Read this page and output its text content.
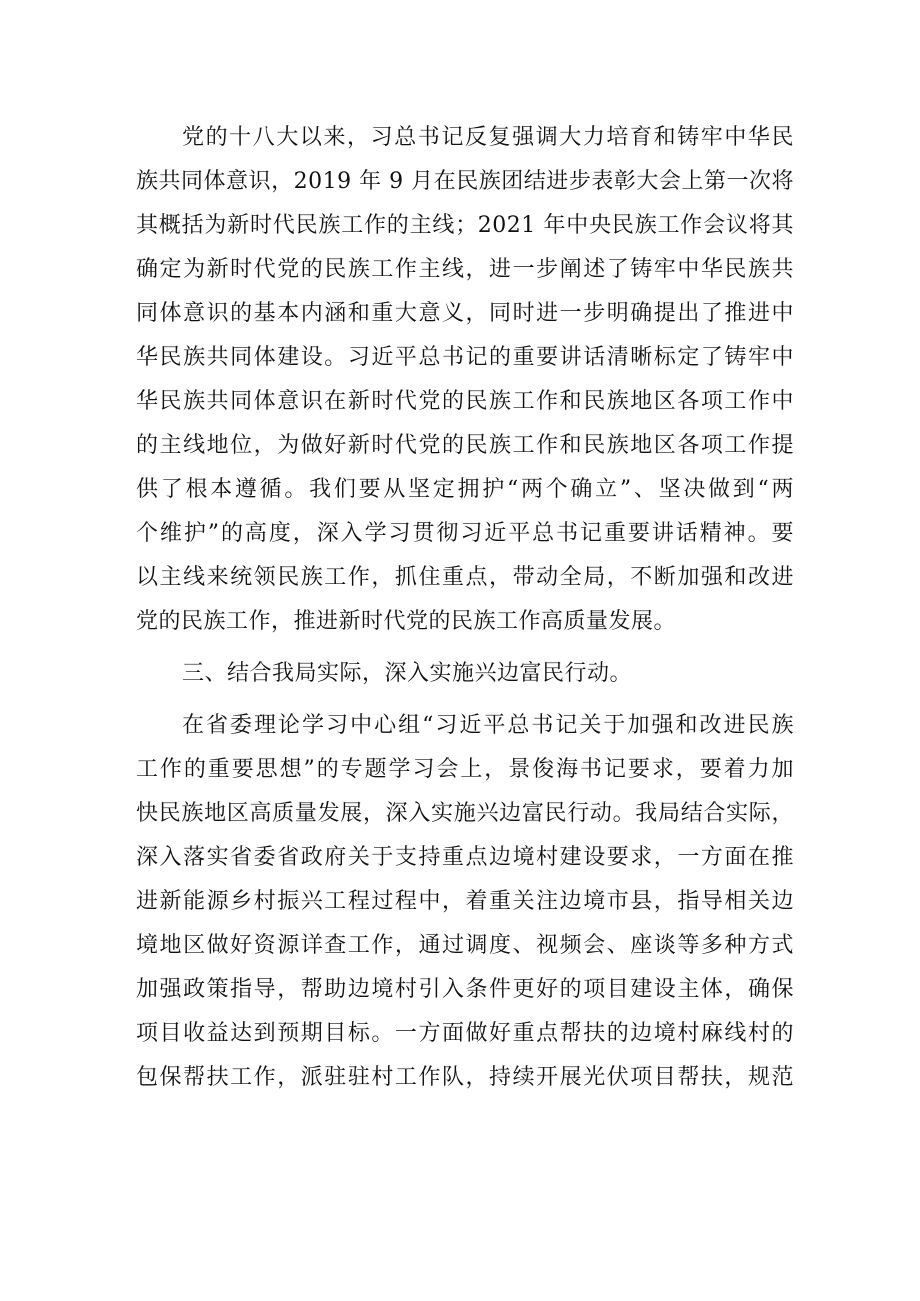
党的十八大以来，习总书记反复强调大力培育和铸牢中华民
族共同体意识，2019 年 9 月在民族团结进步表彰大会上第一次将
其概括为新时代民族工作的主线；2021 年中央民族工作会议将其
确定为新时代党的民族工作主线，进一步阐述了铸牢中华民族共
同体意识的基本内涵和重大意义，同时进一步明确提出了推进中
华民族共同体建设。习近平总书记的重要讲话清晰标定了铸牢中
华民族共同体意识在新时代党的民族工作和民族地区各项工作中
的主线地位，为做好新时代党的民族工作和民族地区各项工作提
供了根本遵循。我们要从坚定拥护“两个确立”、坚决做到“两
个维护”的高度，深入学习贯彻习近平总书记重要讲话精神。要
以主线来统领民族工作，抓住重点，带动全局，不断加强和改进
党的民族工作，推进新时代党的民族工作高质量发展。
三、结合我局实际，深入实施兴边富民行动。
在省委理论学习中心组“习近平总书记关于加强和改进民族
工作的重要思想”的专题学习会上，景俊海书记要求，要着力加
快民族地区高质量发展，深入实施兴边富民行动。我局结合实际，
深入落实省委省政府关于支持重点边境村建设要求，一方面在推
进新能源乡村振兴工程过程中，着重关注边境市县，指导相关边
境地区做好资源详查工作，通过调度、视频会、座谈等多种方式
加强政策指导，帮助边境村引入条件更好的项目建设主体，确保
项目收益达到预期目标。一方面做好重点帮扶的边境村麻线村的
包保帮扶工作，派驻驻村工作队，持续开展光伏项目帮扶，规范
